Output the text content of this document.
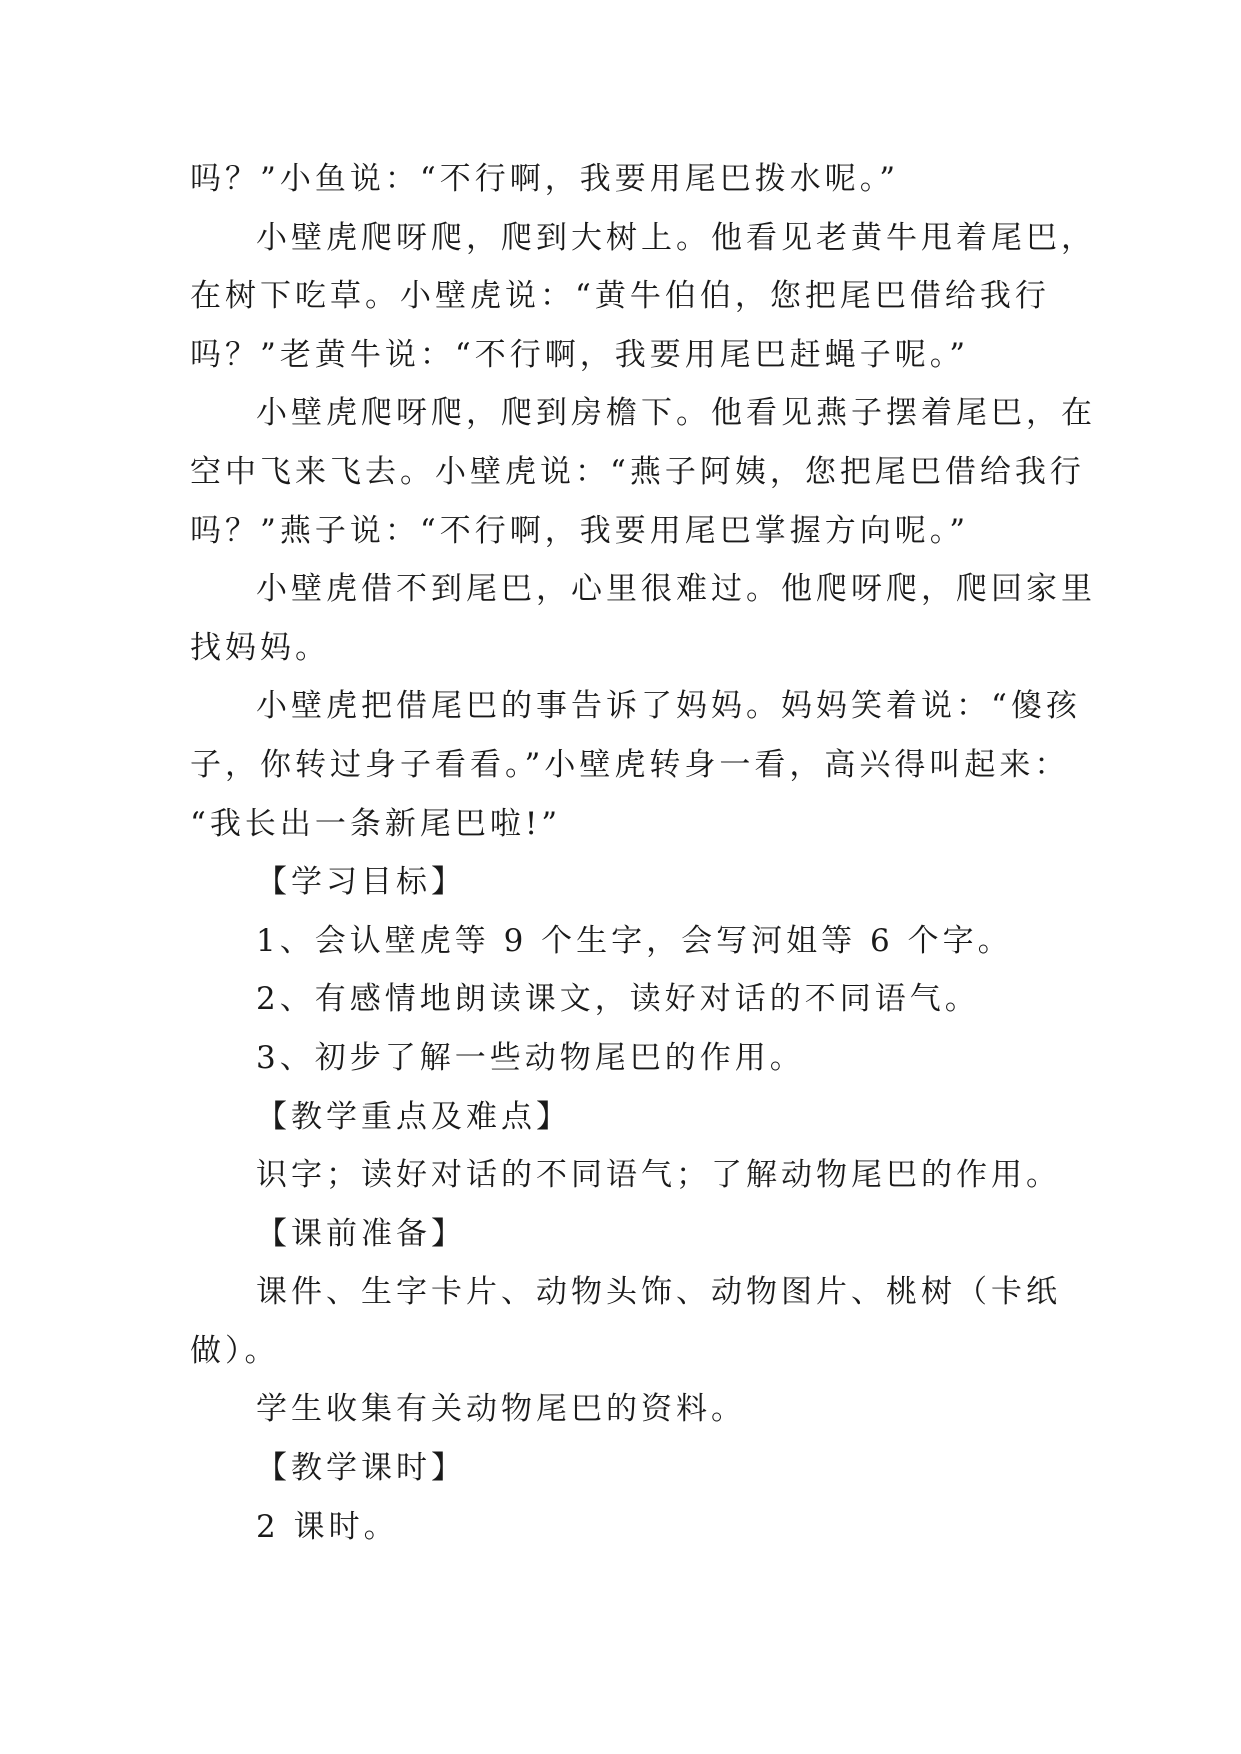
吗？”小鱼说：“不行啊，我要用尾巴拨水呢。”
小壁虎爬呀爬，爬到大树上。他看见老黄牛甩着尾巴，
在树下吃草。小壁虎说：“黄牛伯伯，您把尾巴借给我行
吗？”老黄牛说：“不行啊，我要用尾巴赶蝇子呢。”
小壁虎爬呀爬，爬到房檐下。他看见燕子摆着尾巴，在
空中飞来飞去。小壁虎说：“燕子阿姨，您把尾巴借给我行
吗？”燕子说：“不行啊，我要用尾巴掌握方向呢。”
小壁虎借不到尾巴，心里很难过。他爬呀爬，爬回家里
找妈妈。
小壁虎把借尾巴的事告诉了妈妈。妈妈笑着说：“傻孩
子，你转过身子看看。”小壁虎转身一看，高兴得叫起来：
“我长出一条新尾巴啦!”
【学习目标】
1、会认壁虎等 9 个生字，会写河姐等 6 个字。
2、有感情地朗读课文，读好对话的不同语气。
3、初步了解一些动物尾巴的作用。
【教学重点及难点】
识字；读好对话的不同语气；了解动物尾巴的作用。
【课前准备】
课件、生字卡片、动物头饰、动物图片、桃树（卡纸
做）。
学生收集有关动物尾巴的资料。
【教学课时】
2 课时。
